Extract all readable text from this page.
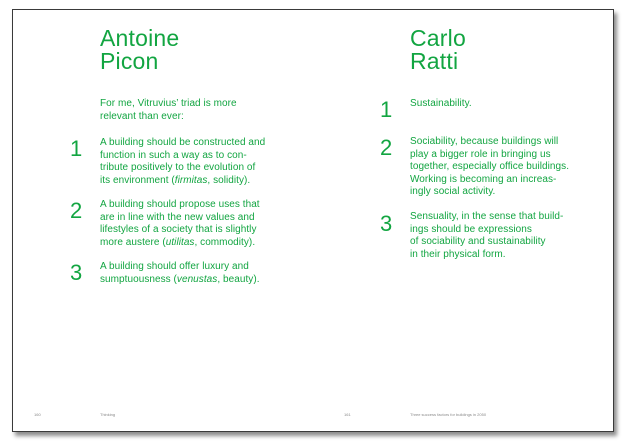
Antoine
Picon
For me, Vitruvius’ triad is more
relevant than ever:
1 A building should be constructed and
function in such a way as to con-
tribute positively to the evolution of
its environment (firmitas, solidity).
2 A building should propose uses that
are in line with the new values and
lifestyles of a society that is slightly
more austere (utilitas, commodity).
3 A building should offer luxury and
sumptuousness (venustas, beauty).
160	Thinking
Carlo
Ratti
1 Sustainability.
2 Sociability, because buildings will
play a bigger role in bringing us
together, especially office buildings.
Working is becoming an increas-
ingly social activity.
3 Sensuality, in the sense that build-
ings should be expressions
of sociability and sustainability
in their physical form.
161	Three success factors for buildings in 2050
